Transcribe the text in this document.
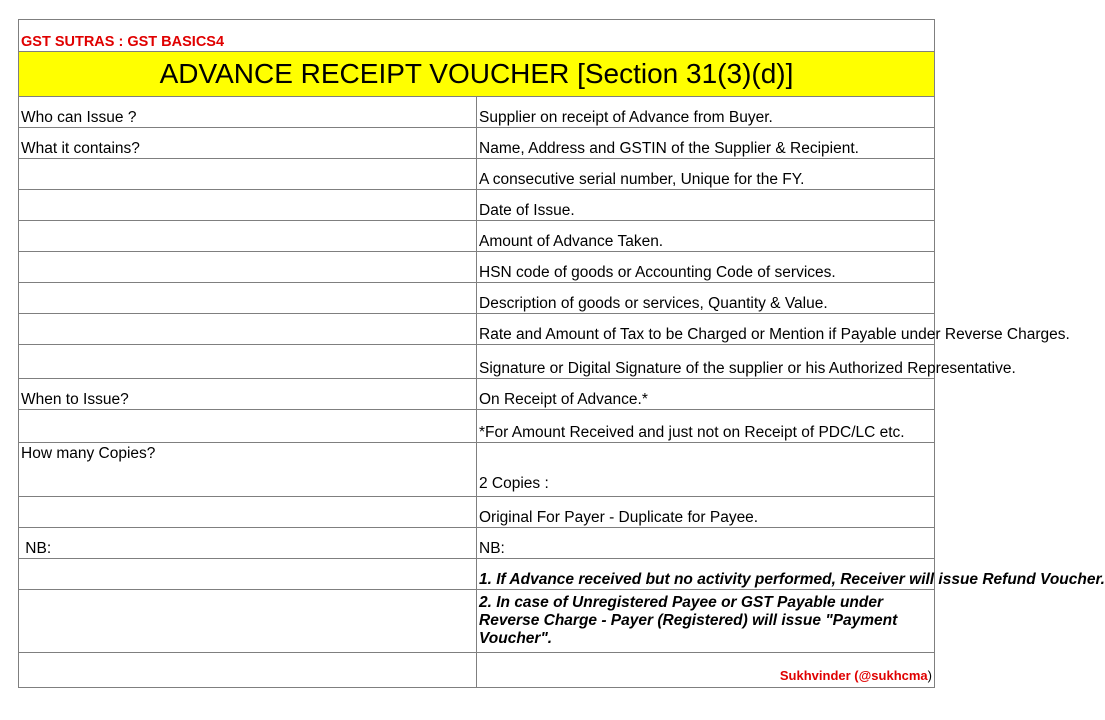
GST SUTRAS : GST BASICS4	
ADVANCE RECEIPT VOUCHER [Section 31(3)(d)]	
Who can Issue ?	Supplier on receipt of Advance from Buyer.
What it contains?	Name, Address and GSTIN of the Supplier & Recipient.
	A consecutive serial number, Unique for the FY.
	Date of Issue.
	Amount of Advance Taken.
	HSN code of goods or Accounting Code of services.
	Description of goods or services, Quantity & Value.
	Rate and Amount of Tax to be Charged or Mention if Payable under Reverse Charges.
	Signature or Digital Signature of the supplier or his Authorized Representative.
When to Issue?	On Receipt of Advance.*
	*For Amount Received and just not on Receipt of PDC/LC etc.
How many Copies?	2 Copies :
	Original For Payer - Duplicate for Payee.
NB:	NB:
	1. If Advance received but no activity performed, Receiver will issue Refund Voucher.
	2. In case of Unregistered Payee or GST Payable under Reverse Charge - Payer (Registered) will issue "Payment Voucher".
	Sukhvinder (@sukhcma)
